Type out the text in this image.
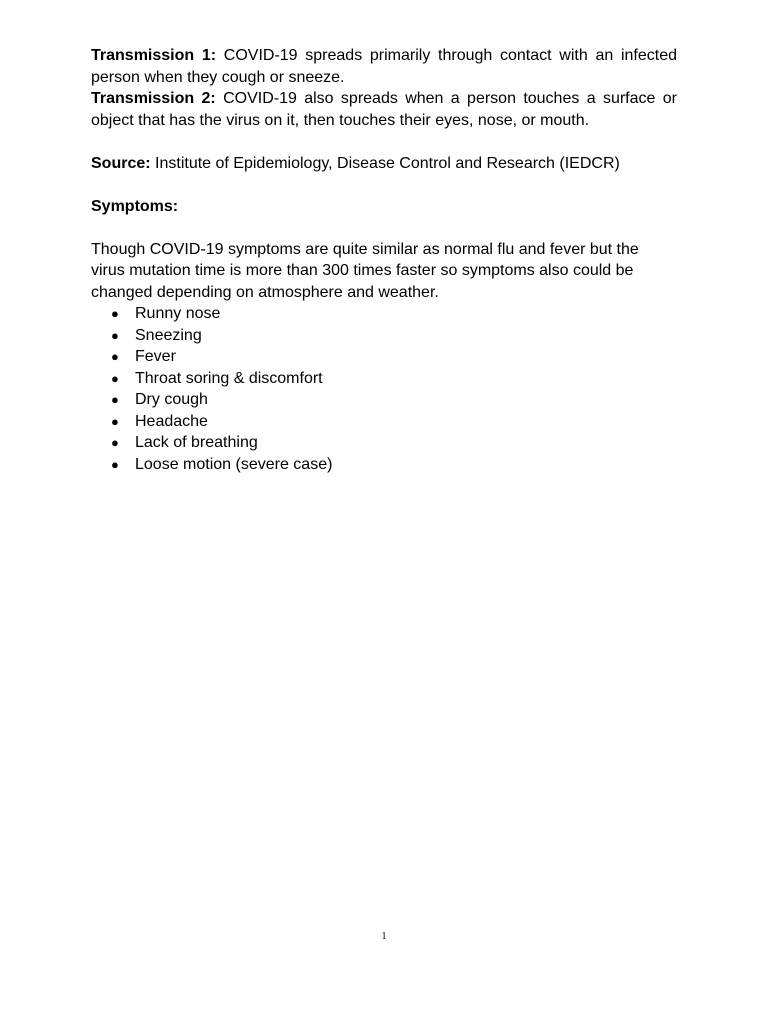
Transmission 1: COVID-19 spreads primarily through contact with an infected person when they cough or sneeze.

Transmission 2: COVID-19 also spreads when a person touches a surface or object that has the virus on it, then touches their eyes, nose, or mouth.

Source: Institute of Epidemiology, Disease Control and Research (IEDCR)

Symptoms:

Though COVID-19 symptoms are quite similar as normal flu and fever but the virus mutation time is more than 300 times faster so symptoms also could be changed depending on atmosphere and weather.

● Runny nose
● Sneezing
● Fever
● Throat soring & discomfort
● Dry cough
● Headache
● Lack of breathing
● Loose motion (severe case)
1
